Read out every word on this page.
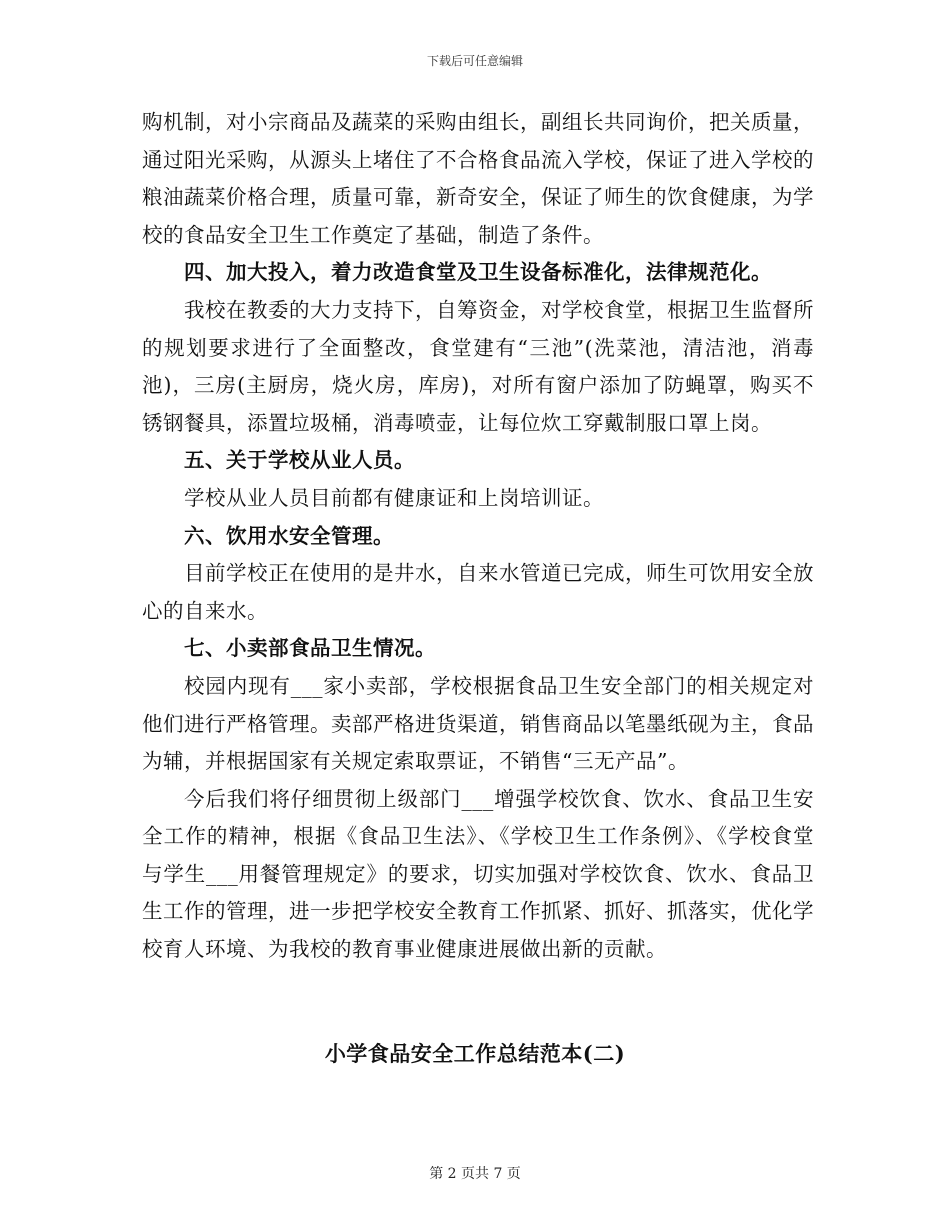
下载后可任意编辑

购机制，对小宗商品及蔬菜的采购由组长，副组长共同询价，把关质量，通过阳光采购，从源头上堵住了不合格食品流入学校，保证了进入学校的粮油蔬菜价格合理，质量可靠，新奇安全，保证了师生的饮食健康，为学校的食品安全卫生工作奠定了基础，制造了条件。

四、加大投入，着力改造食堂及卫生设备标准化，法律规范化。

我校在教委的大力支持下，自筹资金，对学校食堂，根据卫生监督所的规划要求进行了全面整改，食堂建有“三池”(洗菜池，清洁池，消毒池)，三房(主厨房，烧火房，库房)，对所有窗户添加了防蝇罩，购买不锈钢餐具，添置垃圾桶，消毒喷壶，让每位炊工穿戴制服口罩上岗。

五、关于学校从业人员。

学校从业人员目前都有健康证和上岗培训证。

六、饮用水安全管理。

目前学校正在使用的是井水，自来水管道已完成，师生可饮用安全放心的自来水。

七、小卖部食品卫生情况。

校园内现有___家小卖部，学校根据食品卫生安全部门的相关规定对他们进行严格管理。卖部严格进货渠道，销售商品以笔墨纸砚为主，食品为辅，并根据国家有关规定索取票证，不销售“三无产品”。

今后我们将仔细贯彻上级部门___增强学校饮食、饮水、食品卫生安全工作的精神，根据《食品卫生法》、《学校卫生工作条例》、《学校食堂与学生___用餐管理规定》的要求，切实加强对学校饮食、饮水、食品卫生工作的管理，进一步把学校安全教育工作抓紧、抓好、抓落实，优化学校育人环境、为我校的教育事业健康进展做出新的贡献。

小学食品安全工作总结范本(二)
第 2 页共 7 页
